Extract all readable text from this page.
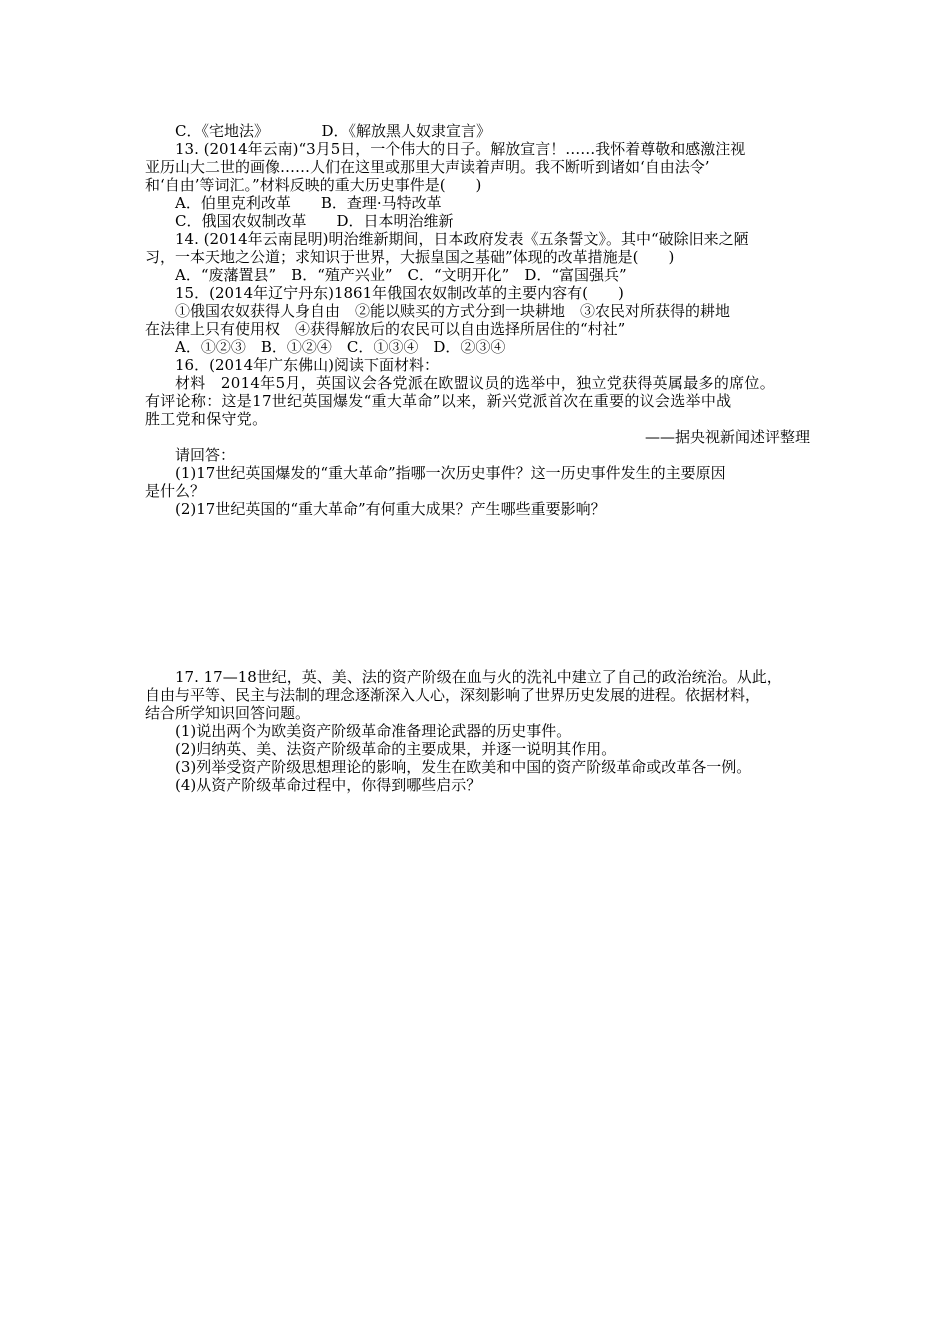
C．《宅地法》　　　　D．《解放黑人奴隶宣言》
13. (2014年云南)“3月5日，一个伟大的日子。解放宣言！……我怀着尊敬和感激注视
亚历山大二世的画像……人们在这里或那里大声读着声明。我不断听到诸如‘自由法令’
和‘自由’等词汇。”材料反映的重大历史事件是(　　)
A．伯里克利改革　　B．查理·马特改革
C．俄国农奴制改革　　D．日本明治维新
14. (2014年云南昆明)明治维新期间，日本政府发表《五条誓文》。其中“破除旧来之陋
习，一本天地之公道；求知识于世界，大振皇国之基础”体现的改革措施是(　　)
A．“废藩置县”　B．“殖产兴业”　C．“文明开化”　D．“富国强兵”
15．(2014年辽宁丹东)1861年俄国农奴制改革的主要内容有(　　)
①俄国农奴获得人身自由　②能以赎买的方式分到一块耕地　③农民对所获得的耕地
在法律上只有使用权　④获得解放后的农民可以自由选择所居住的“村社”
A．①②③　B．①②④　C．①③④　D．②③④
16．(2014年广东佛山)阅读下面材料：
材料　2014年5月，英国议会各党派在欧盟议员的选举中，独立党获得英属最多的席位。
有评论称：这是17世纪英国爆发“重大革命”以来，新兴党派首次在重要的议会选举中战
胜工党和保守党。
——据央视新闻述评整理
请回答：
(1)17世纪英国爆发的“重大革命”指哪一次历史事件？这一历史事件发生的主要原因
是什么？
(2)17世纪英国的“重大革命”有何重大成果？产生哪些重要影响？
17. 17—18世纪，英、美、法的资产阶级在血与火的洗礼中建立了自己的政治统治。从此，
自由与平等、民主与法制的理念逐渐深入人心，深刻影响了世界历史发展的进程。依据材料，
结合所学知识回答问题。
(1)说出两个为欧美资产阶级革命准备理论武器的历史事件。
(2)归纳英、美、法资产阶级革命的主要成果，并逐一说明其作用。
(3)列举受资产阶级思想理论的影响，发生在欧美和中国的资产阶级革命或改革各一例。
(4)从资产阶级革命过程中，你得到哪些启示？
